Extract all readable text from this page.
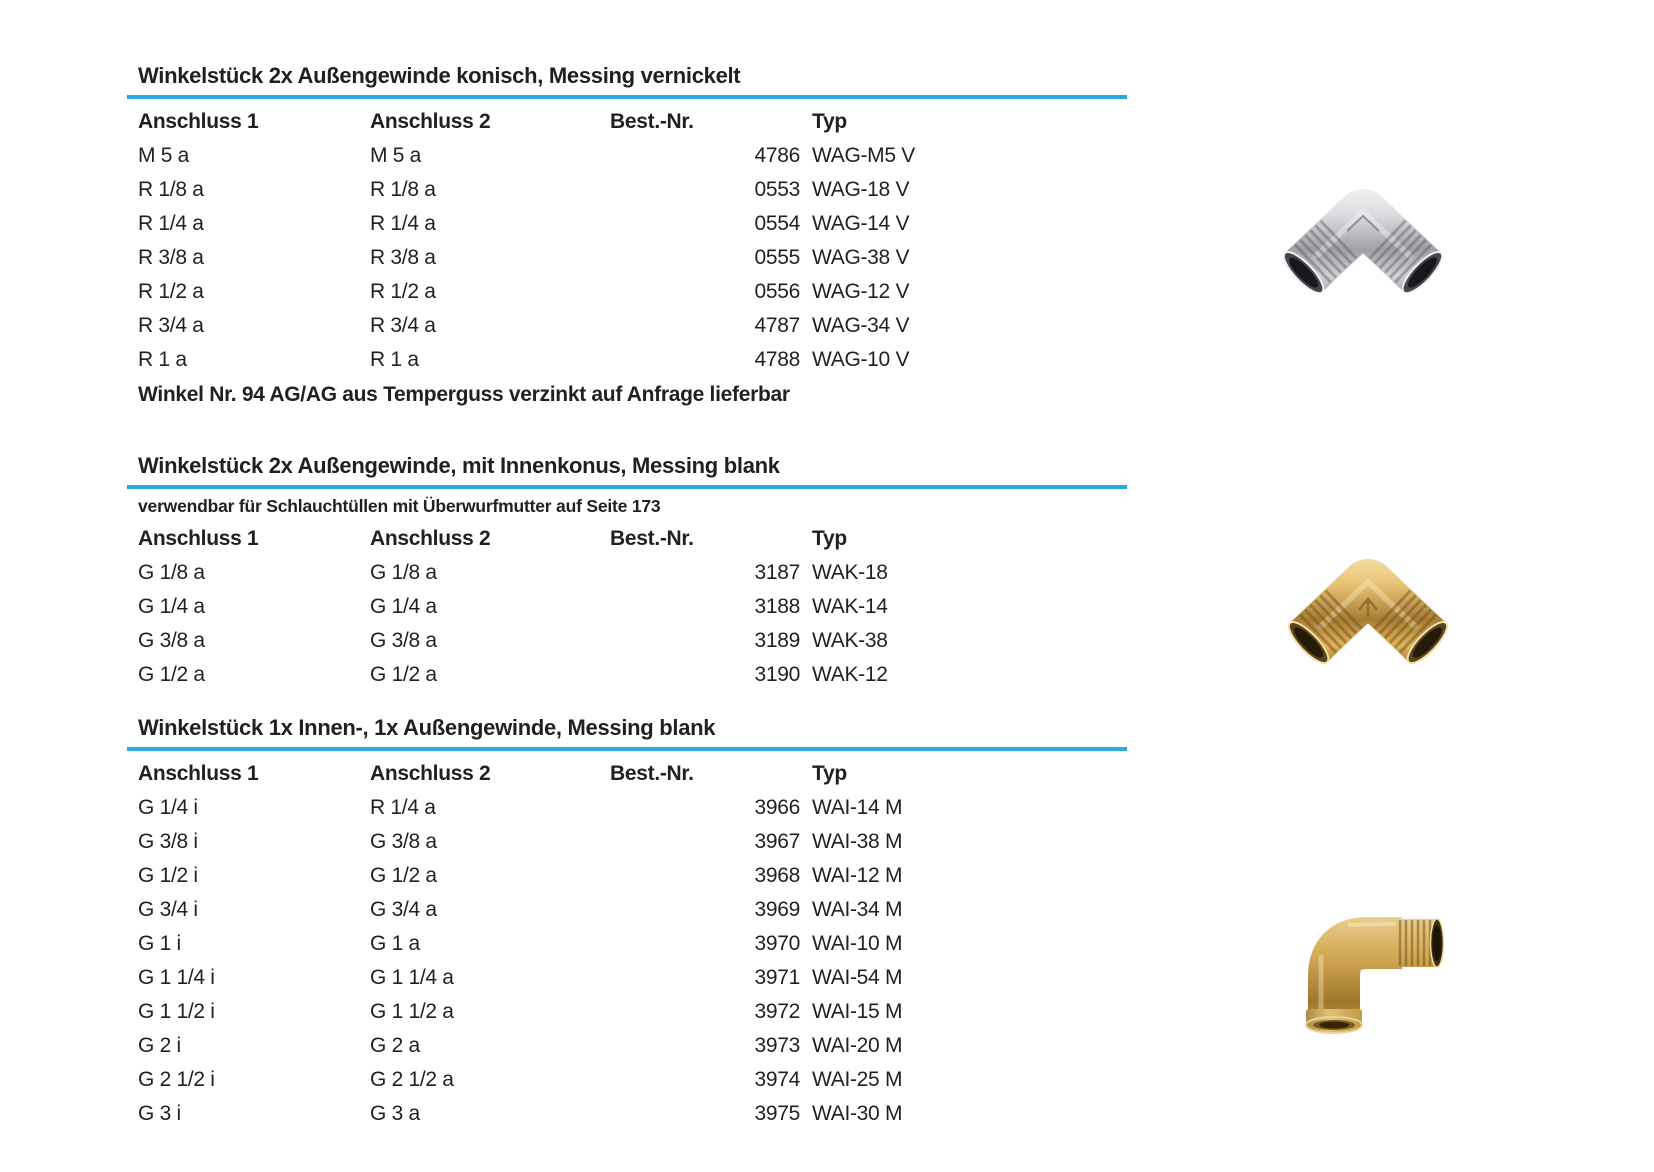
Winkelstück 2x Außengewinde konisch, Messing vernickelt
Anschluss 1	Anschluss 2	Best.-Nr.	Typ
M 5 a	M 5 a	4786	WAG-M5 V
R 1/8 a	R 1/8 a	0553	WAG-18 V
R 1/4 a	R 1/4 a	0554	WAG-14 V
R 3/8 a	R 3/8 a	0555	WAG-38 V
R 1/2 a	R 1/2 a	0556	WAG-12 V
R 3/4 a	R 3/4 a	4787	WAG-34 V
R 1 a	R 1 a	4788	WAG-10 V

Winkel Nr. 94 AG/AG aus Temperguss verzinkt auf Anfrage lieferbar

Winkelstück 2x Außengewinde, mit Innenkonus, Messing blank

verwendbar für Schlauchtüllen mit Überwurfmutter auf Seite 173

Anschluss 1	Anschluss 2	Best.-Nr.	Typ
G 1/8 a	G 1/8 a	3187	WAK-18
G 1/4 a	G 1/4 a	3188	WAK-14
G 3/8 a	G 3/8 a	3189	WAK-38
G 1/2 a	G 1/2 a	3190	WAK-12
Winkelstück 1x Innen-, 1x Außengewinde, Messing blank
Anschluss 1	Anschluss 2	Best.-Nr.	Typ
G 1/4 i	R 1/4 a	3966	WAI-14 M
G 3/8 i	G 3/8 a	3967	WAI-38 M
G 1/2 i	G 1/2 a	3968	WAI-12 M
G 3/4 i	G 3/4 a	3969	WAI-34 M
G 1 i	G 1 a	3970	WAI-10 M
G 1 1/4 i	G 1 1/4 a	3971	WAI-54 M
G 1 1/2 i	G 1 1/2 a	3972	WAI-15 M
G 2 i	G 2 a	3973	WAI-20 M
G 2 1/2 i	G 2 1/2 a	3974	WAI-25 M
G 3 i	G 3 a	3975	WAI-30 M
